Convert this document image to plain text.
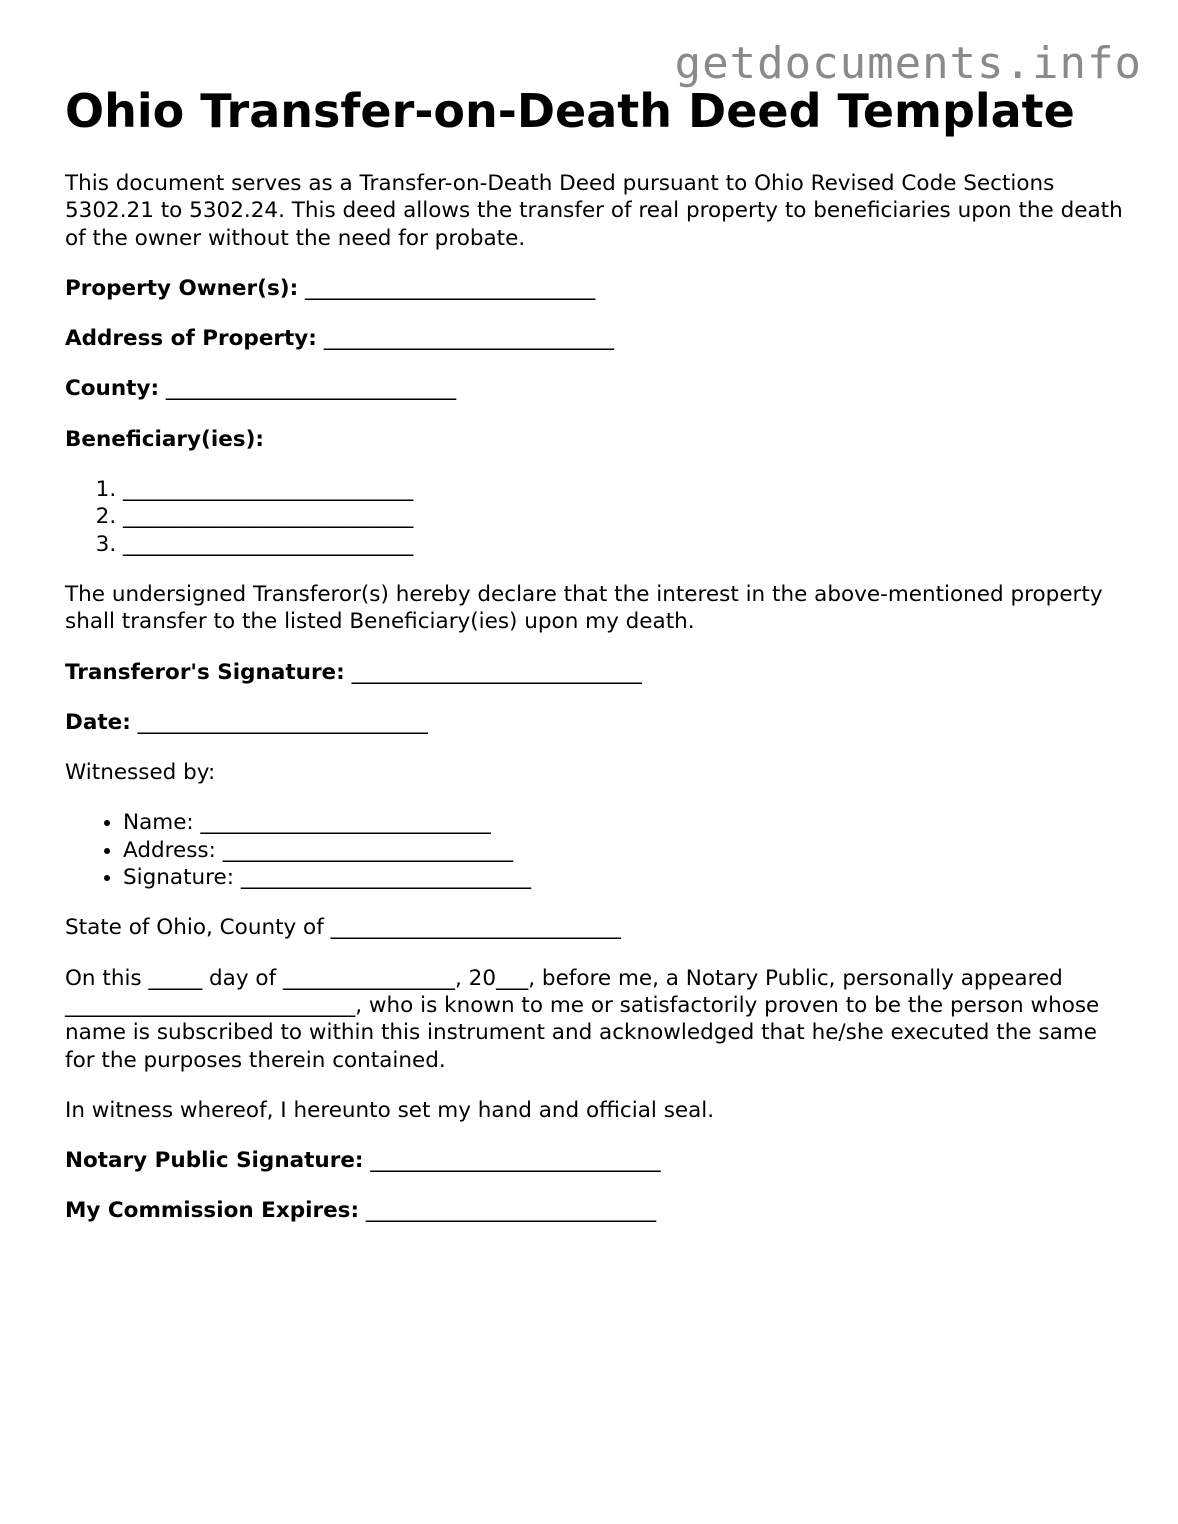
getdocuments.info
Ohio Transfer-on-Death Deed Template

This document serves as a Transfer-on-Death Deed pursuant to Ohio Revised Code Sections 5302.21 to 5302.24. This deed allows the transfer of real property to beneficiaries upon the death of the owner without the need for probate.

Property Owner(s): ___________________________

Address of Property: ___________________________

County: ___________________________

Beneficiary(ies):

1. ___________________________
2. ___________________________
3. ___________________________

The undersigned Transferor(s) hereby declare that the interest in the above-mentioned property shall transfer to the listed Beneficiary(ies) upon my death.

Transferor's Signature: ___________________________

Date: ___________________________

Witnessed by:

• Name: ___________________________
• Address: ___________________________
• Signature: ___________________________

State of Ohio, County of ___________________________

On this _____ day of ________________, 20___, before me, a Notary Public, personally appeared ___________________________, who is known to me or satisfactorily proven to be the person whose name is subscribed to within this instrument and acknowledged that he/she executed the same for the purposes therein contained.

In witness whereof, I hereunto set my hand and official seal.

Notary Public Signature: ___________________________

My Commission Expires: ___________________________
